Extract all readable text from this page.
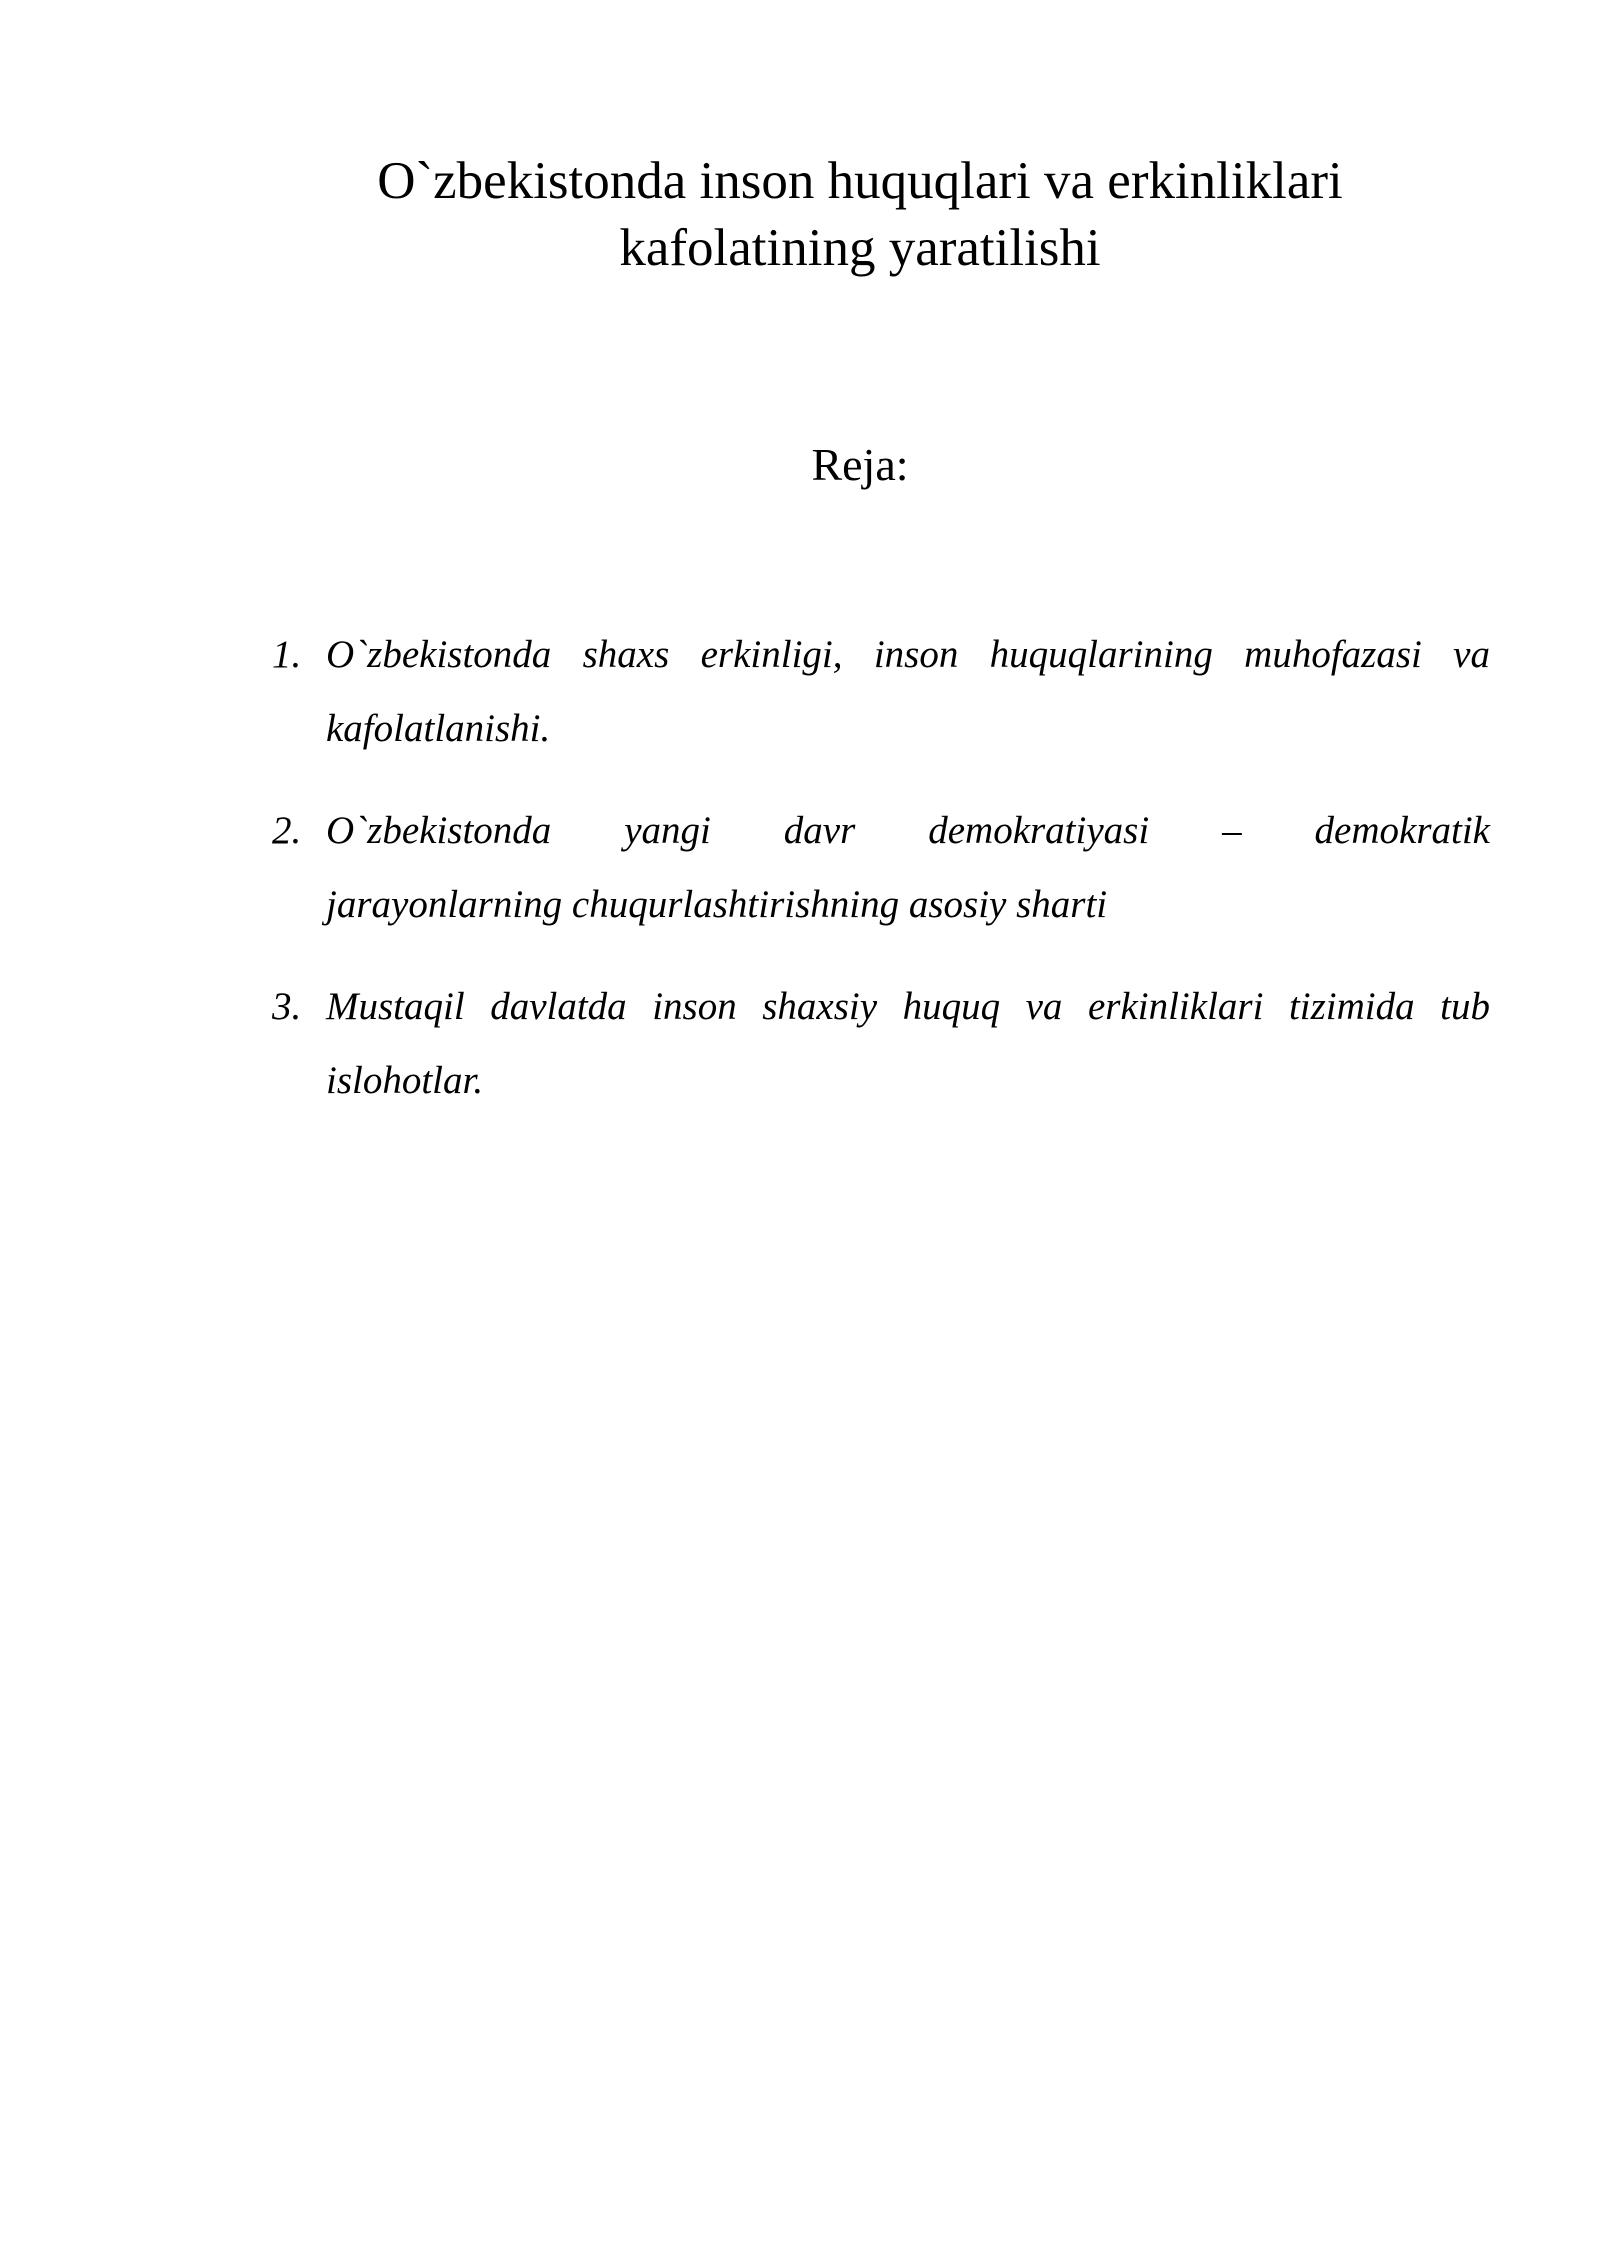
O`zbekistonda inson huquqlari va erkinliklari
kafolatining yaratilishi
Reja:
1. O`zbekistonda shaxs erkinligi, inson huquqlarining muhofazasi va
kafolatlanishi.
2. O`zbekistonda yangi davr demokratiyasi – demokratik
jarayonlarning chuqurlashtirishning asosiy sharti
3. Mustaqil davlatda inson shaxsiy huquq va erkinliklari tizimida tub
islohotlar.
